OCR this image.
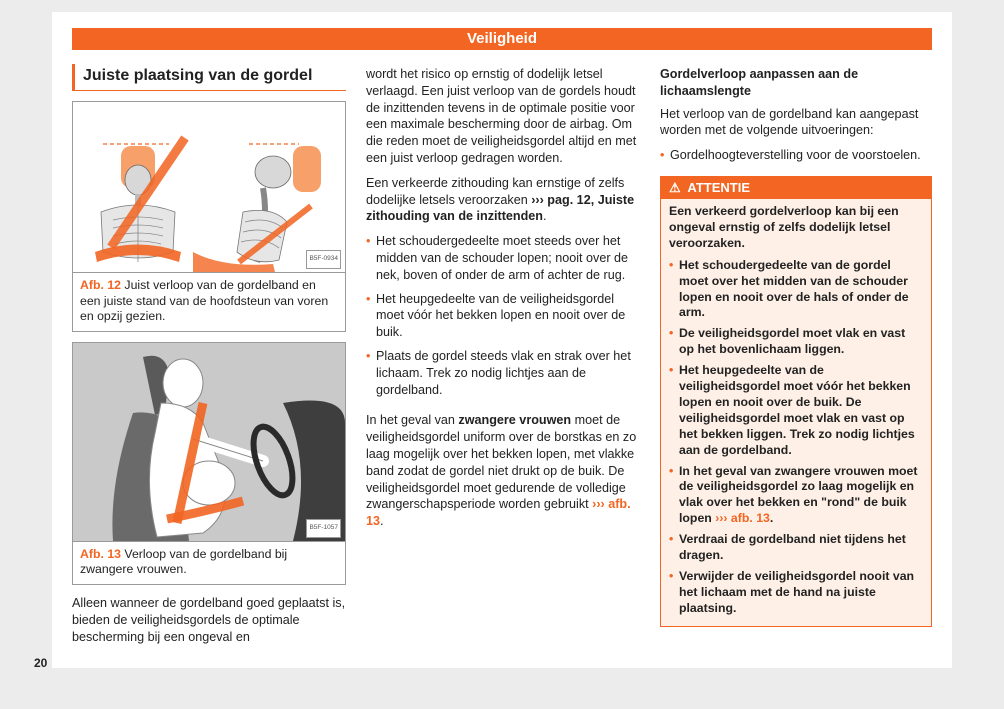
Veiligheid
Juiste plaatsing van de gordel
B5F-0934
Afb. 12 Juist verloop van de gordelband en een juiste stand van de hoofdsteun van voren en opzij gezien.
B5F-1057
Afb. 13 Verloop van de gordelband bij zwangere vrouwen.

Alleen wanneer de gordelband goed geplaatst is, bieden de veiligheidsgordels de optimale bescherming bij een ongeval en

wordt het risico op ernstig of dodelijk letsel verlaagd. Een juist verloop van de gordels houdt de inzittenden tevens in de optimale positie voor een maximale bescherming door de airbag. Om die reden moet de veiligheidsgordel altijd en met een juist verloop gedragen worden.

Een verkeerde zithouding kan ernstige of zelfs dodelijke letsels veroorzaken ››› pag. 12, Juiste zithouding van de inzittenden.

• Het schoudergedeelte moet steeds over het midden van de schouder lopen; nooit over de nek, boven of onder de arm of achter de rug.
• Het heupgedeelte van de veiligheidsgordel moet vóór het bekken lopen en nooit over de buik.
• Plaats de gordel steeds vlak en strak over het lichaam. Trek zo nodig lichtjes aan de gordelband.

In het geval van zwangere vrouwen moet de veiligheidsgordel uniform over de borstkas en zo laag mogelijk over het bekken lopen, met vlakke band zodat de gordel niet drukt op de buik. De veiligheidsgordel moet gedurende de volledige zwangerschapsperiode worden gebruikt ››› afb. 13.

Gordelverloop aanpassen aan de lichaamslengte

Het verloop van de gordelband kan aangepast worden met de volgende uitvoeringen:

• Gordelhoogteverstelling voor de voorstoelen.
⚠ ATTENTIE

Een verkeerd gordelverloop kan bij een ongeval ernstig of zelfs dodelijk letsel veroorzaken.

• Het schoudergedeelte van de gordel moet over het midden van de schouder lopen en nooit over de hals of onder de arm.
• De veiligheidsgordel moet vlak en vast op het bovenlichaam liggen.
• Het heupgedeelte van de veiligheidsgordel moet vóór het bekken lopen en nooit over de buik. De veiligheidsgordel moet vlak en vast op het bekken liggen. Trek zo nodig lichtjes aan de gordelband.
• In het geval van zwangere vrouwen moet de veiligheidsgordel zo laag mogelijk en vlak over het bekken en "rond" de buik lopen ››› afb. 13.
• Verdraai de gordelband niet tijdens het dragen.
• Verwijder de veiligheidsgordel nooit van het lichaam met de hand na juiste plaatsing.
20
